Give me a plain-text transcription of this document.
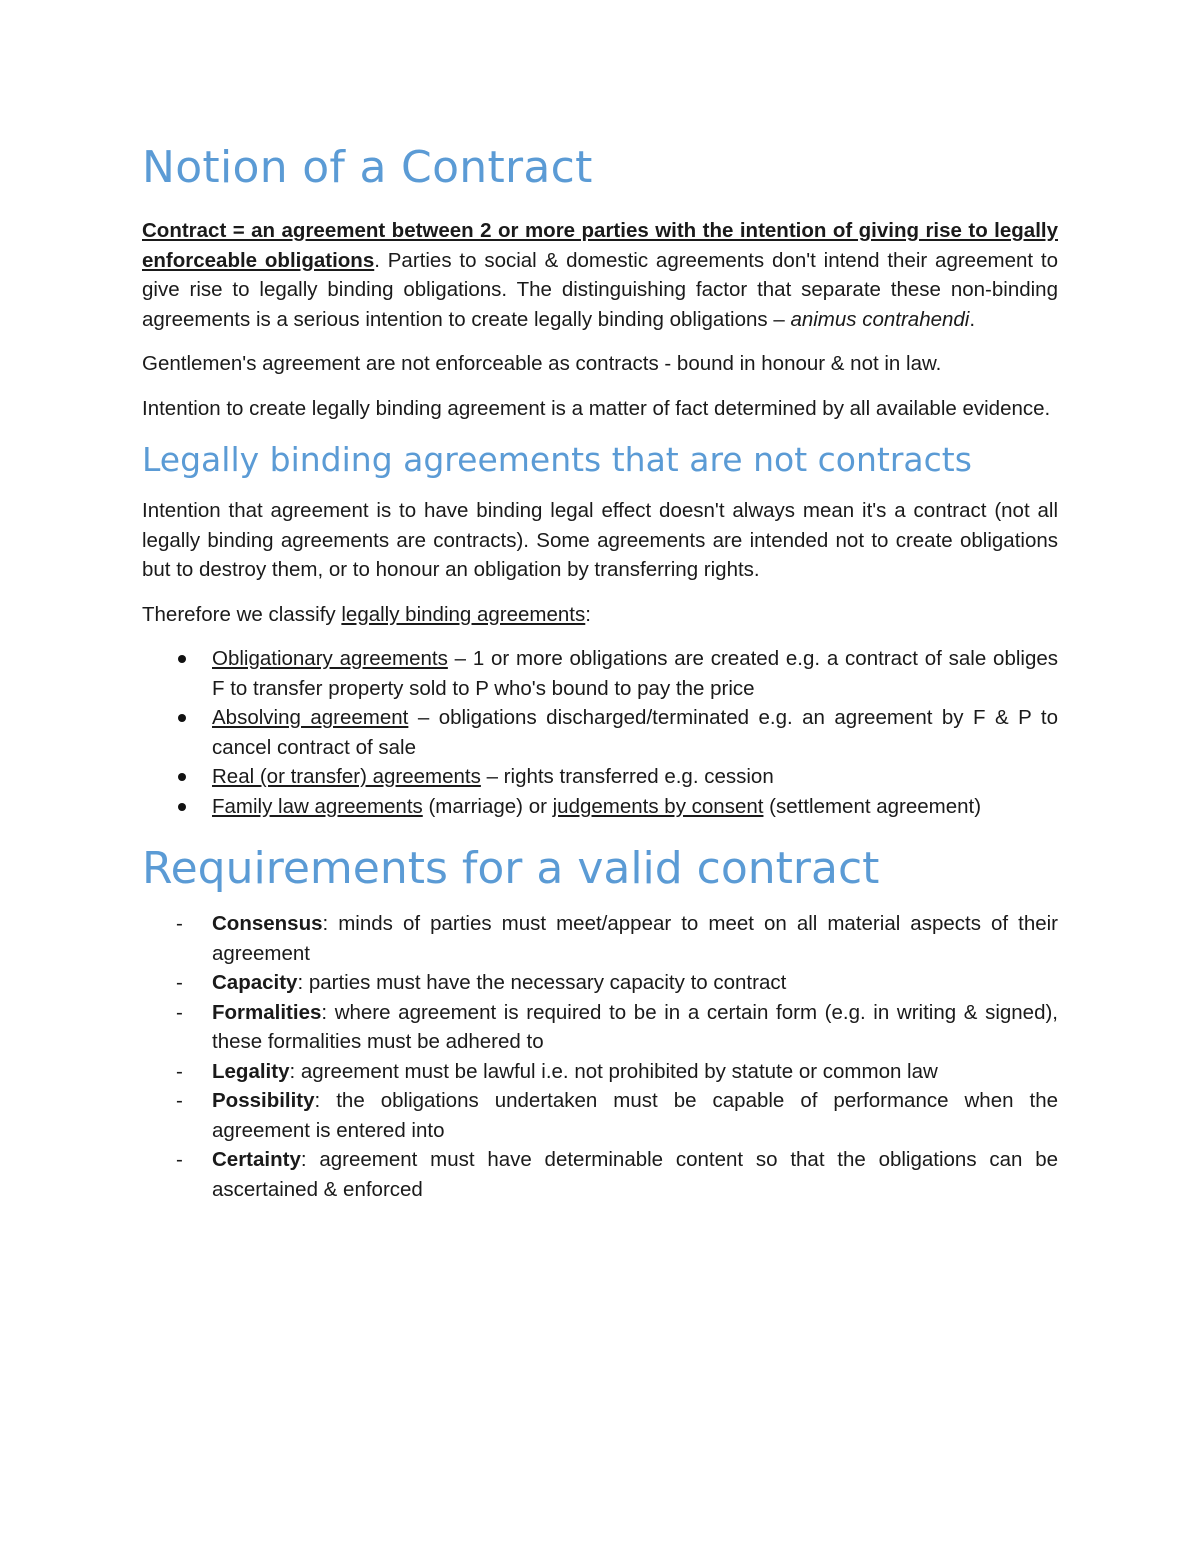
Notion of a Contract

Contract = an agreement between 2 or more parties with the intention of giving rise to legally enforceable obligations. Parties to social & domestic agreements don't intend their agreement to give rise to legally binding obligations. The distinguishing factor that separate these non-binding agreements is a serious intention to create legally binding obligations – animus contrahendi.

Gentlemen's agreement are not enforceable as contracts - bound in honour & not in law.

Intention to create legally binding agreement is a matter of fact determined by all available evidence.

Legally binding agreements that are not contracts

Intention that agreement is to have binding legal effect doesn't always mean it's a contract (not all legally binding agreements are contracts). Some agreements are intended not to create obligations but to destroy them, or to honour an obligation by transferring rights.

Therefore we classify legally binding agreements:

Obligationary agreements – 1 or more obligations are created e.g. a contract of sale obliges F to transfer property sold to P who's bound to pay the price
Absolving agreement – obligations discharged/terminated e.g. an agreement by F & P to cancel contract of sale
Real (or transfer) agreements – rights transferred e.g. cession
Family law agreements (marriage) or judgements by consent (settlement agreement)
Requirements for a valid contract
- Consensus: minds of parties must meet/appear to meet on all material aspects of their agreement
- Capacity: parties must have the necessary capacity to contract
- Formalities: where agreement is required to be in a certain form (e.g. in writing & signed), these formalities must be adhered to
- Legality: agreement must be lawful i.e. not prohibited by statute or common law
- Possibility: the obligations undertaken must be capable of performance when the agreement is entered into
- Certainty: agreement must have determinable content so that the obligations can be ascertained & enforced
